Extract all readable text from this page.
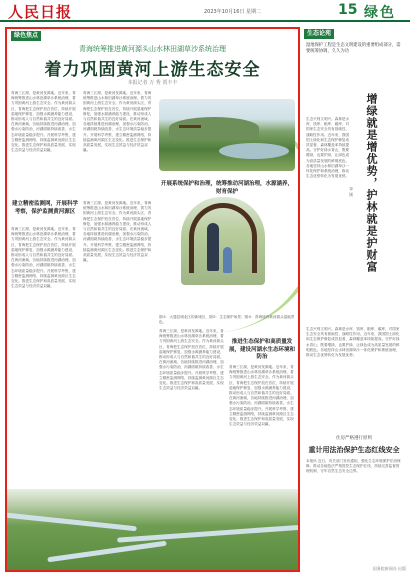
人民日报	2023年10月16日 星期二	15 绿色
绿色焦点
青海统筹推进黄河源头山水林田湖草沙系统治理
着力巩固黄河上游生态安全
本报记者 万 秀 贾丰丰
青海三江源，是黄河发源地。近年来，青海统筹推进山水林田湖草沙系统治理，着力巩固黄河上游生态安全。作为黄河源头区，青海把生态保护放在首位，持续开展湿地保护修复，加强水源涵养能力建设，推动形成人与自然和谐共生的良好局面。在黄河流域，各地持续推进河湖治理，加强水污染防治，河湖面貌持续改善，水生态环境质量稳步提升。开展科学考察，建立精密监测网络，持续监测黄河源区生态变化。推进生态保护和高质量发展，实现生态效益与经济效益双赢。
青海三江源，是黄河发源地。近年来，青海统筹推进山水林田湖草沙系统治理，着力巩固黄河上游生态安全。作为黄河源头区，青海把生态保护放在首位，持续开展湿地保护修复，加强水源涵养能力建设，推动形成人与自然和谐共生的良好局面。在黄河流域，各地持续推进河湖治理，加强水污染防治，河湖面貌持续改善，水生态环境质量稳步提升。开展科学考察，建立精密监测网络，持续监测黄河源区生态变化。推进生态保护和高质量发展，实现生态效益与经济效益双赢。
建立精密监测网，开展科学考察，保护监测黄河源区
青海三江源，是黄河发源地。近年来，青海统筹推进山水林田湖草沙系统治理，着力巩固黄河上游生态安全。作为黄河源头区，青海把生态保护放在首位，持续开展湿地保护修复，加强水源涵养能力建设，推动形成人与自然和谐共生的良好局面。在黄河流域，各地持续推进河湖治理，加强水污染防治，河湖面貌持续改善，水生态环境质量稳步提升。开展科学考察，建立精密监测网络，持续监测黄河源区生态变化。推进生态保护和高质量发展，实现生态效益与经济效益双赢。
青海三江源，是黄河发源地。近年来，青海统筹推进山水林田湖草沙系统治理，着力巩固黄河上游生态安全。作为黄河源头区，青海把生态保护放在首位，持续开展湿地保护修复，加强水源涵养能力建设，推动形成人与自然和谐共生的良好局面。在黄河流域，各地持续推进河湖治理，加强水污染防治，河湖面貌持续改善，水生态环境质量稳步提升。开展科学考察，建立精密监测网络，持续监测黄河源区生态变化。推进生态保护和高质量发展，实现生态效益与经济效益双赢。
开展系统保护和治理，统筹推动河湖治理，水源涵养，财育保护
图①：大通县城北区的新城区，图②：生态保护场景；图③：青海境内黄河源头湿地景色。
青海三江源，是黄河发源地。近年来，青海统筹推进山水林田湖草沙系统治理，着力巩固黄河上游生态安全。作为黄河源头区，青海把生态保护放在首位，持续开展湿地保护修复，加强水源涵养能力建设，推动形成人与自然和谐共生的良好局面。在黄河流域，各地持续推进河湖治理，加强水污染防治，河湖面貌持续改善，水生态环境质量稳步提升。开展科学考察，建立精密监测网络，持续监测黄河源区生态变化。推进生态保护和高质量发展，实现生态效益与经济效益双赢。
推进生态保护和高质量发展，建设河湖水生态环境和防治
青海三江源，是黄河发源地。近年来，青海统筹推进山水林田湖草沙系统治理，着力巩固黄河上游生态安全。作为黄河源头区，青海把生态保护放在首位，持续开展湿地保护修复，加强水源涵养能力建设，推动形成人与自然和谐共生的良好局面。在黄河流域，各地持续推进河湖治理，加强水污染防治，河湖面貌持续改善，水生态环境质量稳步提升。开展科学考察，建立精密监测网络，持续监测黄河源区生态变化。推进生态保护和高质量发展，实现生态效益与经济效益双赢。
生态论苑
湿地保护工程是生态文明建设的重要组成部分，需要统筹协调，久久为功
生态兴则文明兴。森林是水库、钱库、粮库、碳库，对国家生态安全具有基础性、战略性作用。近年来，我国国土绿化和生态保护修复成效显著，森林覆盖率持续提高。守护好绿水青山，既要增绿，也要护绿，让绿色成为高质量发展的鲜明底色。各地坚持山水林田湖草沙一体化保护和系统治理，推动生态优势转化为发展优势。 增绿就是增优势，护林就是护财富
李 刚
生态兴则文明兴。森林是水库、钱库、粮库、碳库，对国家生态安全具有基础性、战略性作用。近年来，我国国土绿化和生态保护修复成效显著，森林覆盖率持续提高。守护好绿水青山，既要增绿，也要护绿，让绿色成为高质量发展的鲜明底色。各地坚持山水林田湖草沙一体化保护和系统治理，推动生态优势转化为发展优势。
住房严格遵行原则
重计用法治保护生态红线安全
本报讯 近日，有关部门发布通知，强化生态环境保护法治保障，推动各地依法严格管控生态保护红线，持续完善监督管理机制，守牢自然生态安全边界。
国务院新闻办 出版
